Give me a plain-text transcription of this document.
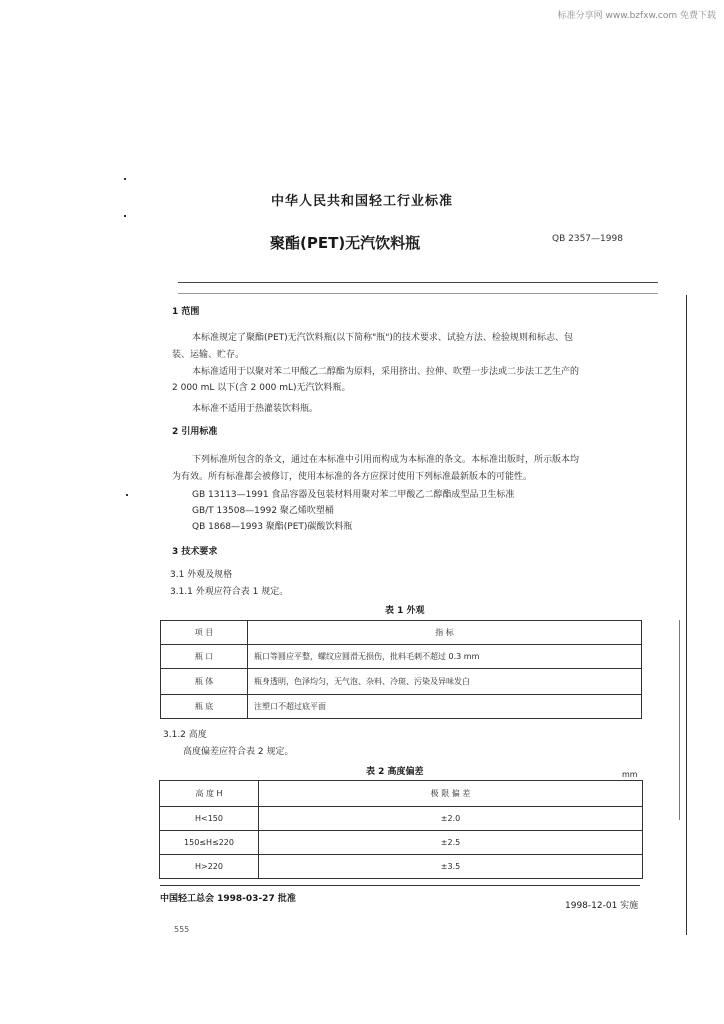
标准分享网 www.bzfxw.com 免费下载
中华人民共和国轻工行业标准
聚酯(PET)无汽饮料瓶	QB 2357—1998
1 范围
本标准规定了聚酯(PET)无汽饮料瓶(以下简称"瓶")的技术要求、试验方法、检验规则和标志、包
装、运输、贮存。
本标准适用于以聚对苯二甲酸乙二醇酯为原料，采用挤出、拉伸、吹塑一步法或二步法工艺生产的
2 000 mL 以下(含 2 000 mL)无汽饮料瓶。
本标准不适用于热灌装饮料瓶。
2 引用标准
下列标准所包含的条文，通过在本标准中引用而构成为本标准的条文。本标准出版时，所示版本均
为有效。所有标准都会被修订，使用本标准的各方应探讨使用下列标准最新版本的可能性。
GB 13113—1991 食品容器及包装材料用聚对苯二甲酸乙二醇酯成型品卫生标准
GB/T 13508—1992 聚乙烯吹塑桶
QB 1868—1993 聚酯(PET)碳酸饮料瓶
3 技术要求
3.1 外观及规格
3.1.1 外观应符合表 1 规定。
表 1 外观
项 目	指 标
瓶 口	瓶口等圆应平整，螺纹应圆滑无损伤，批料毛刺不超过 0.3 mm
瓶 体	瓶身透明，色泽均匀，无气泡、杂料、冷斑、污染及异味发白
瓶 底	注塑口不超过底平面
3.1.2 高度
高度偏差应符合表 2 规定。
表 2 高度偏差	mm
高 度 H	极 限 偏 差
H<150	±2.0
150≤H≤220	±2.5
H>220	±3.5
中国轻工总会 1998-03-27 批准
1998-12-01 实施
555
